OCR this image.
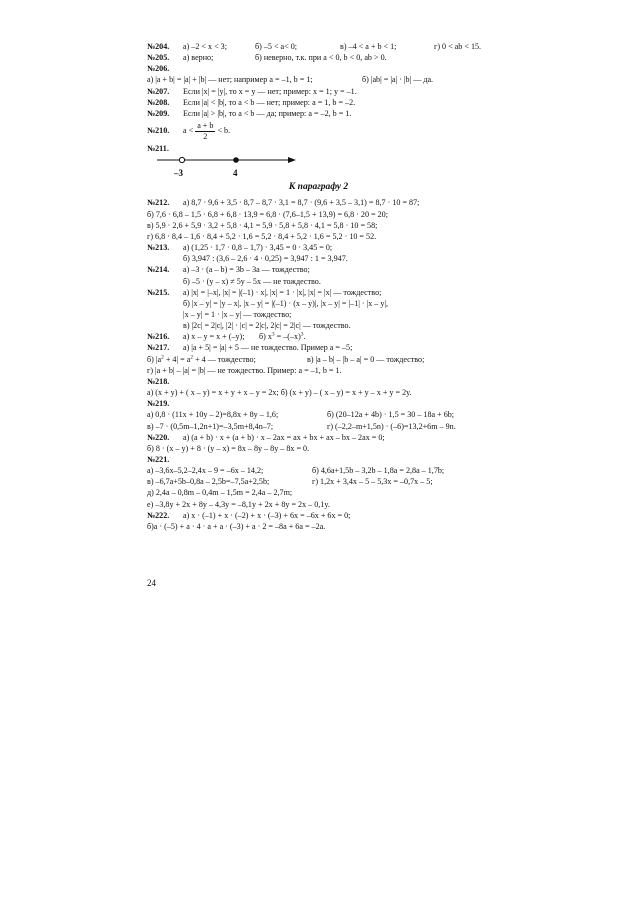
№204. а) –2 < x < 3;	б) –5 < a< 0;	в) –4 < a + b < 1;	г) 0 < ab < 15.
№205. а) верно;	б) неверно, т.к. при a < 0, b < 0, ab > 0.
№206.
а) |a + b| = |a| + |b| — нет; например a = –1, b = 1;	б) |ab| = |a| · |b| — да.
№207. Если |x| = |y|, то x = y — нет; пример: x = 1; y = –1.
№208. Если |a| < |b|, то a < b — нет; пример: a = 1, b = –2.
№209. Если |a| > |b|, то a < b — да; пример: a = –2, b = 1.
№210. $a < \frac{a + b}{2} < b$.
№211.
–3	4
К параграфу 2
№212. а) 8,7 · 9,6 + 3,5 · 8,7 – 8,7 · 3,1 = 8,7 · (9,6 + 3,5 – 3,1) = 8,7 · 10 = 87;
б) 7,6 · 6,8 – 1,5 · 6,8 + 6,8 · 13,9 = 6,8 · (7,6–1,5 + 13,9) = 6,8 · 20 = 20;
в) 5,9 · 2,6 + 5,9 · 3,2 + 5,8 · 4,1 = 5,9 · 5,8 + 5,8 · 4,1 = 5,8 · 10 = 58;
г) 6,8 · 8,4 – 1,6 · 8,4 + 5,2 · 1,6 = 5,2 · 8,4 + 5,2 · 1,6 = 5,2 · 10 = 52.
№213. а) (1,25 · 1,7 · 0,8 – 1,7) · 3,45 = 0 · 3,45 = 0;
б) 3,947 : (3,6 – 2,6 · 4 · 0,25) = 3,947 : 1 = 3,947.
№214. а) –3 · (a – b) = 3b – 3a — тождество;
б) –5 · (y – x) ≠ 5y – 5x — не тождество.
№215. а) |x| = |–x|, |x| = |(–1) · x|, |x| = 1 · |x|, |x| = |x| — тождество;
б) |x – y| = |y – x|, |x – y| = |(–1) · (x – y)|, |x – y| = |–1| · |x – y|,
|x – y| = 1 · |x – y| — тождество;
в) |2c| = 2|c|, |2| · |c| = 2|c|, 2|c| = 2|c| — тождество.
№216. а) x – y = x + (–y); б) $x^3 = -(-x)^3$.
№217. а) |a + 5| = |a| + 5 — не тождество. Пример a = –5;
б) $|a^2 + 4| = a^2 + 4$ — тождество;	в) |a – b| – |b – a| = 0 — тождество;
г) |a + b| – |a| = |b| — не тождество. Пример: a = –1, b = 1.
№218.
а) (x + y) + ( x – y) = x + y + x – y = 2x; б) (x + y) – ( x – y) = x + y – x + y = 2y.
№219.
а) 0,8 · (11x + 10y – 2)=8,8x + 8y – 1,6;	б) (20–12a + 4b) · 1,5 = 30 – 18a + 6b;
в) –7 · (0,5m–1,2n+1)=–3,5m+8,4n–7;	г) (–2,2–m+1,5n) · (–6)=13,2+6m – 9n.
№220. а) (a + b) · x + (a + b) · x – 2ax = ax + bx + ax – bx – 2ax = 0;
б) 8 · (x – y) + 8 · (y – x) = 8x – 8y – 8y – 8x = 0.
№221.
а) –3,6x–5,2–2,4x – 9 = –6x – 14,2;	б) 4,6a+1,5b – 3,2b – 1,8a = 2,8a – 1,7b;
в) –6,7a+5b–0,8a – 2,5b=–7,5a+2,5b;	г) 1,2x + 3,4x – 5 – 5,3x = –0,7x – 5;
д) 2,4a – 0,8m – 0,4m – 1,5m = 2,4a – 2,7m;
е) –3,8y + 2x + 8y – 4,3y = –8,1y + 2x + 8y = 2x – 0,1y.
№222. а) x · (–1) + x · (–2) + x · (–3) + 6x = –6x + 6x = 0;
б)a · (–5) + a · 4 · a + a · (–3) + a · 2 = –8a + 6a = –2a.
24
